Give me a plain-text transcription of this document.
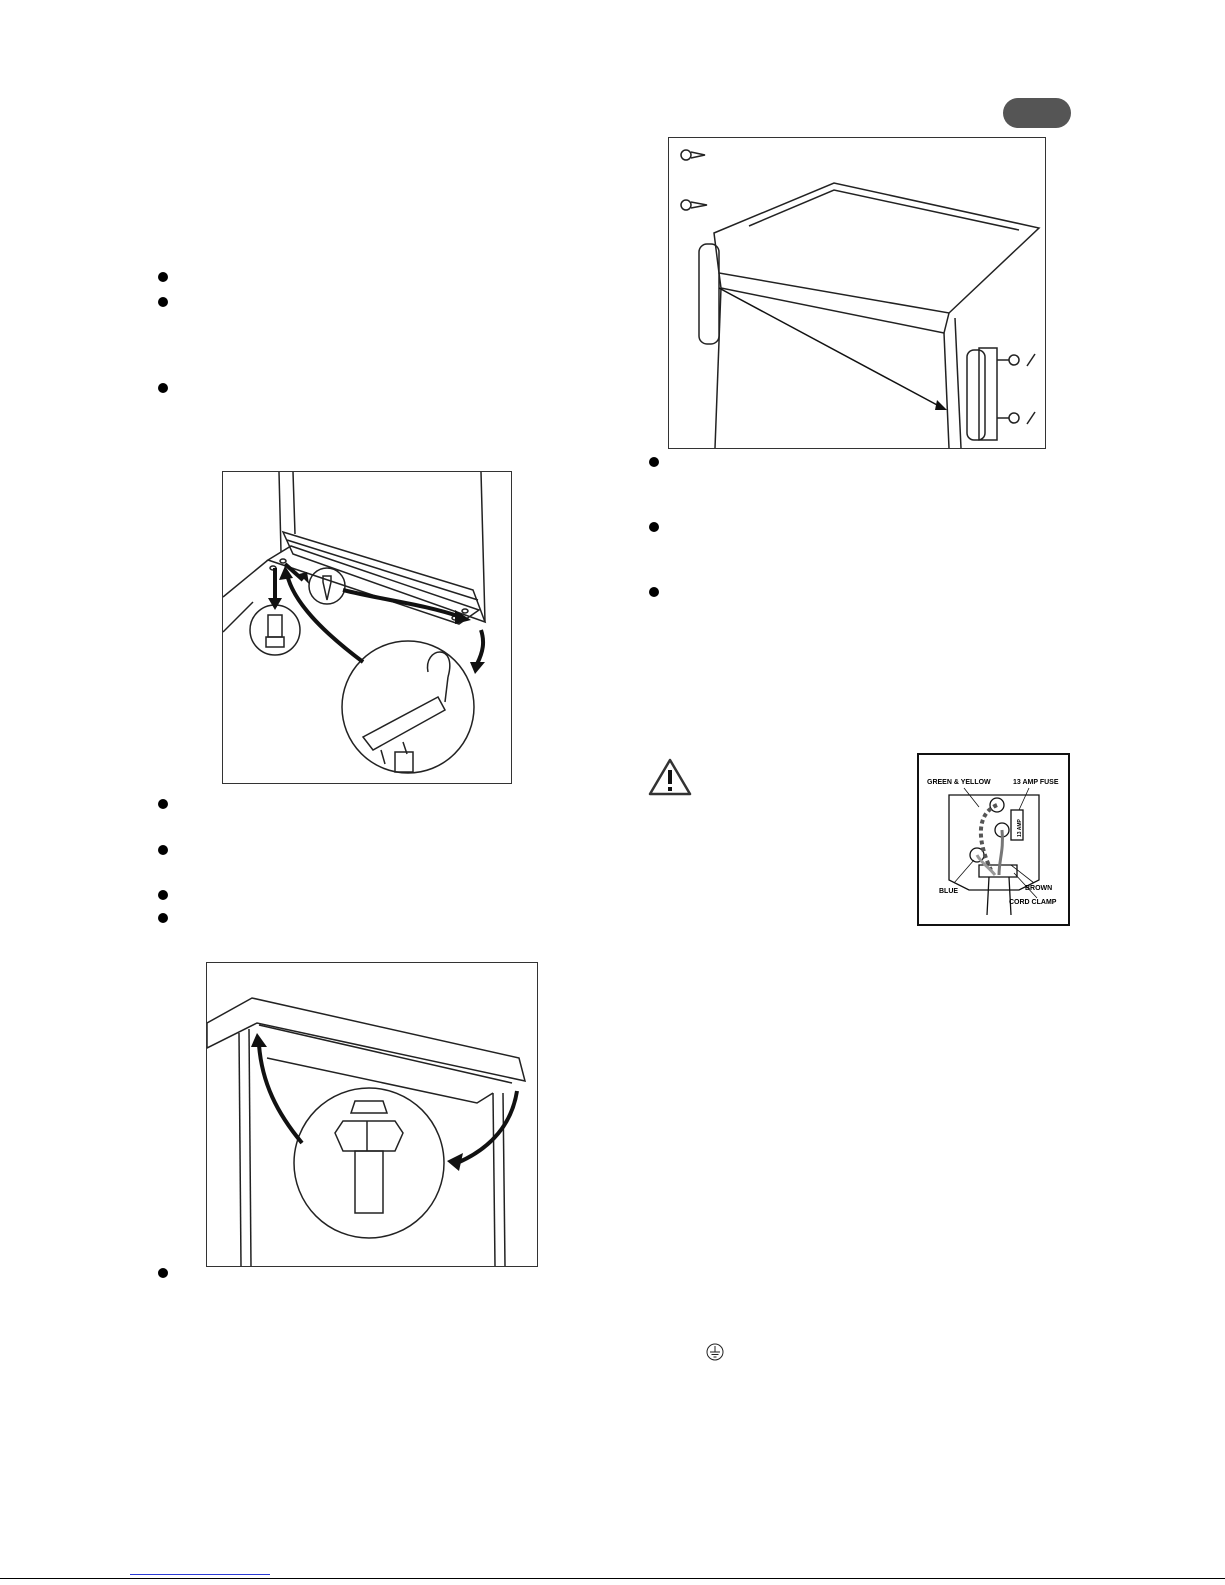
GREEN & YELLOW	13 AMP FUSE
13 AMP
BLUE	BROWN
CORD CLAMP
